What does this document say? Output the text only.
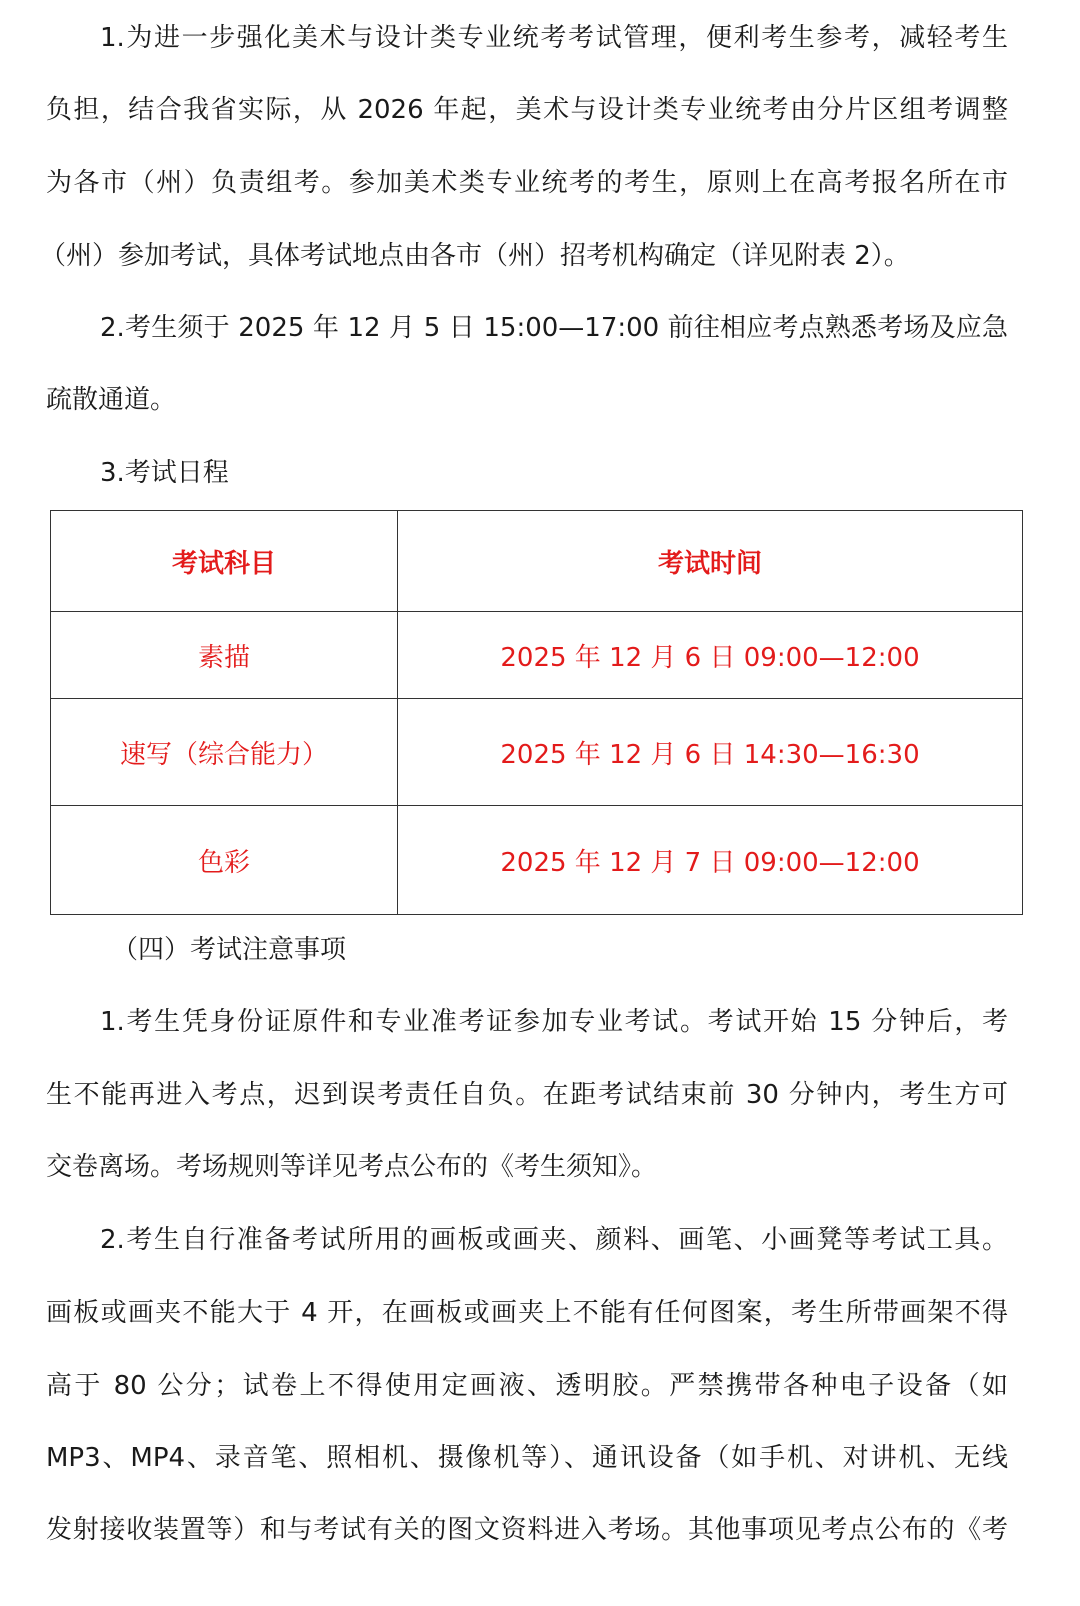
1.为进一步强化美术与设计类专业统考考试管理，便利考生参考，减轻考生
负担，结合我省实际，从 2026 年起，美术与设计类专业统考由分片区组考调整
为各市（州）负责组考。参加美术类专业统考的考生，原则上在高考报名所在市
（州）参加考试，具体考试地点由各市（州）招考机构确定（详见附表 2）。
2.考生须于 2025 年 12 月 5 日 15:00—17:00 前往相应考点熟悉考场及应急
疏散通道。
3.考试日程
考试科目	考试时间
素描	2025 年 12 月 6 日 09:00—12:00
速写（综合能力）	2025 年 12 月 6 日 14:30—16:30
色彩	2025 年 12 月 7 日 09:00—12:00
（四）考试注意事项
1.考生凭身份证原件和专业准考证参加专业考试。考试开始 15 分钟后，考
生不能再进入考点，迟到误考责任自负。在距考试结束前 30 分钟内，考生方可
交卷离场。考场规则等详见考点公布的《考生须知》。
2.考生自行准备考试所用的画板或画夹、颜料、画笔、小画凳等考试工具。
画板或画夹不能大于 4 开，在画板或画夹上不能有任何图案，考生所带画架不得
高于 80 公分；试卷上不得使用定画液、透明胶。严禁携带各种电子设备（如
MP3、MP4、录音笔、照相机、摄像机等）、通讯设备（如手机、对讲机、无线
发射接收装置等）和与考试有关的图文资料进入考场。其他事项见考点公布的《考
